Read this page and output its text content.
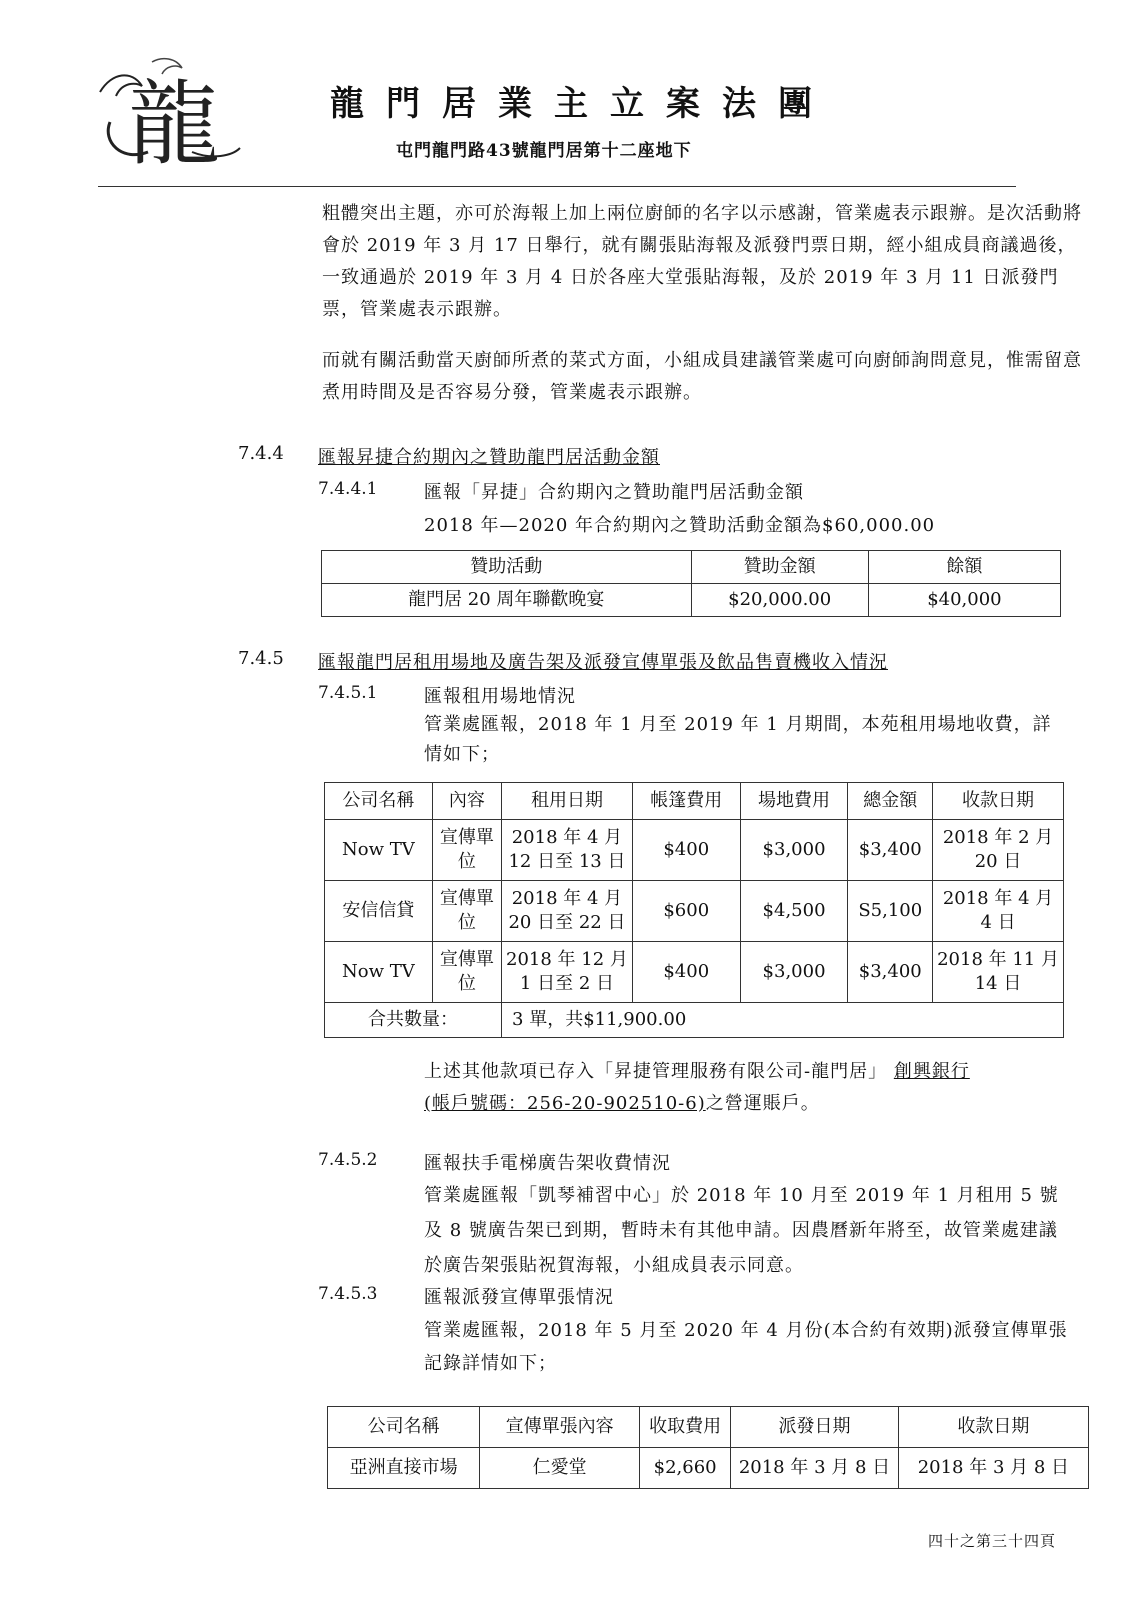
龍	龍門居業主立案法團
屯門龍門路43號龍門居第十二座地下
粗體突出主題，亦可於海報上加上兩位廚師的名字以示感謝，管業處表示跟辦。是次活動將會於 2019 年 3 月 17 日舉行，就有關張貼海報及派發門票日期，經小組成員商議過後，一致通過於 2019 年 3 月 4 日於各座大堂張貼海報，及於 2019 年 3 月 11 日派發門票，管業處表示跟辦。
而就有關活動當天廚師所煮的菜式方面，小組成員建議管業處可向廚師詢問意見，惟需留意煮用時間及是否容易分發，管業處表示跟辦。
7.4.4 匯報昇捷合約期內之贊助龍門居活動金額
7.4.4.1	匯報「昇捷」合約期內之贊助龍門居活動金額
2018 年—2020 年合約期內之贊助活動金額為$60,000.00
贊助活動	贊助金額	餘額
龍門居 20 周年聯歡晚宴	$20,000.00	$40,000
7.4.5 匯報龍門居租用場地及廣告架及派發宣傳單張及飲品售賣機收入情況
7.4.5.1	匯報租用場地情況
管業處匯報，2018 年 1 月至 2019 年 1 月期間，本苑租用場地收費，詳情如下；
公司名稱	內容	租用日期	帳篷費用	場地費用	總金額	收款日期
Now TV	宣傳單位	2018 年 4 月 12 日至 13 日	$400	$3,000	$3,400	2018 年 2 月 20 日
安信信貸	宣傳單位	2018 年 4 月 20 日至 22 日	$600	$4,500	S5,100	2018 年 4 月 4 日
Now TV	宣傳單位	2018 年 12 月 1 日至 2 日	$400	$3,000	$3,400	2018 年 11 月 14 日
合共數量：		3 單，共$11,900.00				
上述其他款項已存入「昇捷管理服務有限公司-龍門居」 創興銀行
(帳戶號碼：256-20-902510-6)之營運賬戶。
7.4.5.2	匯報扶手電梯廣告架收費情況
管業處匯報「凱琴補習中心」於 2018 年 10 月至 2019 年 1 月租用 5 號及 8 號廣告架已到期，暫時未有其他申請。因農曆新年將至，故管業處建議於廣告架張貼祝賀海報，小組成員表示同意。
7.4.5.3	匯報派發宣傳單張情況
管業處匯報，2018 年 5 月至 2020 年 4 月份(本合約有效期)派發宣傳單張記錄詳情如下；
公司名稱	宣傳單張內容	收取費用	派發日期	收款日期
亞洲直接市場	仁愛堂	$2,660	2018 年 3 月 8 日	2018 年 3 月 8 日
四十之第三十四頁
